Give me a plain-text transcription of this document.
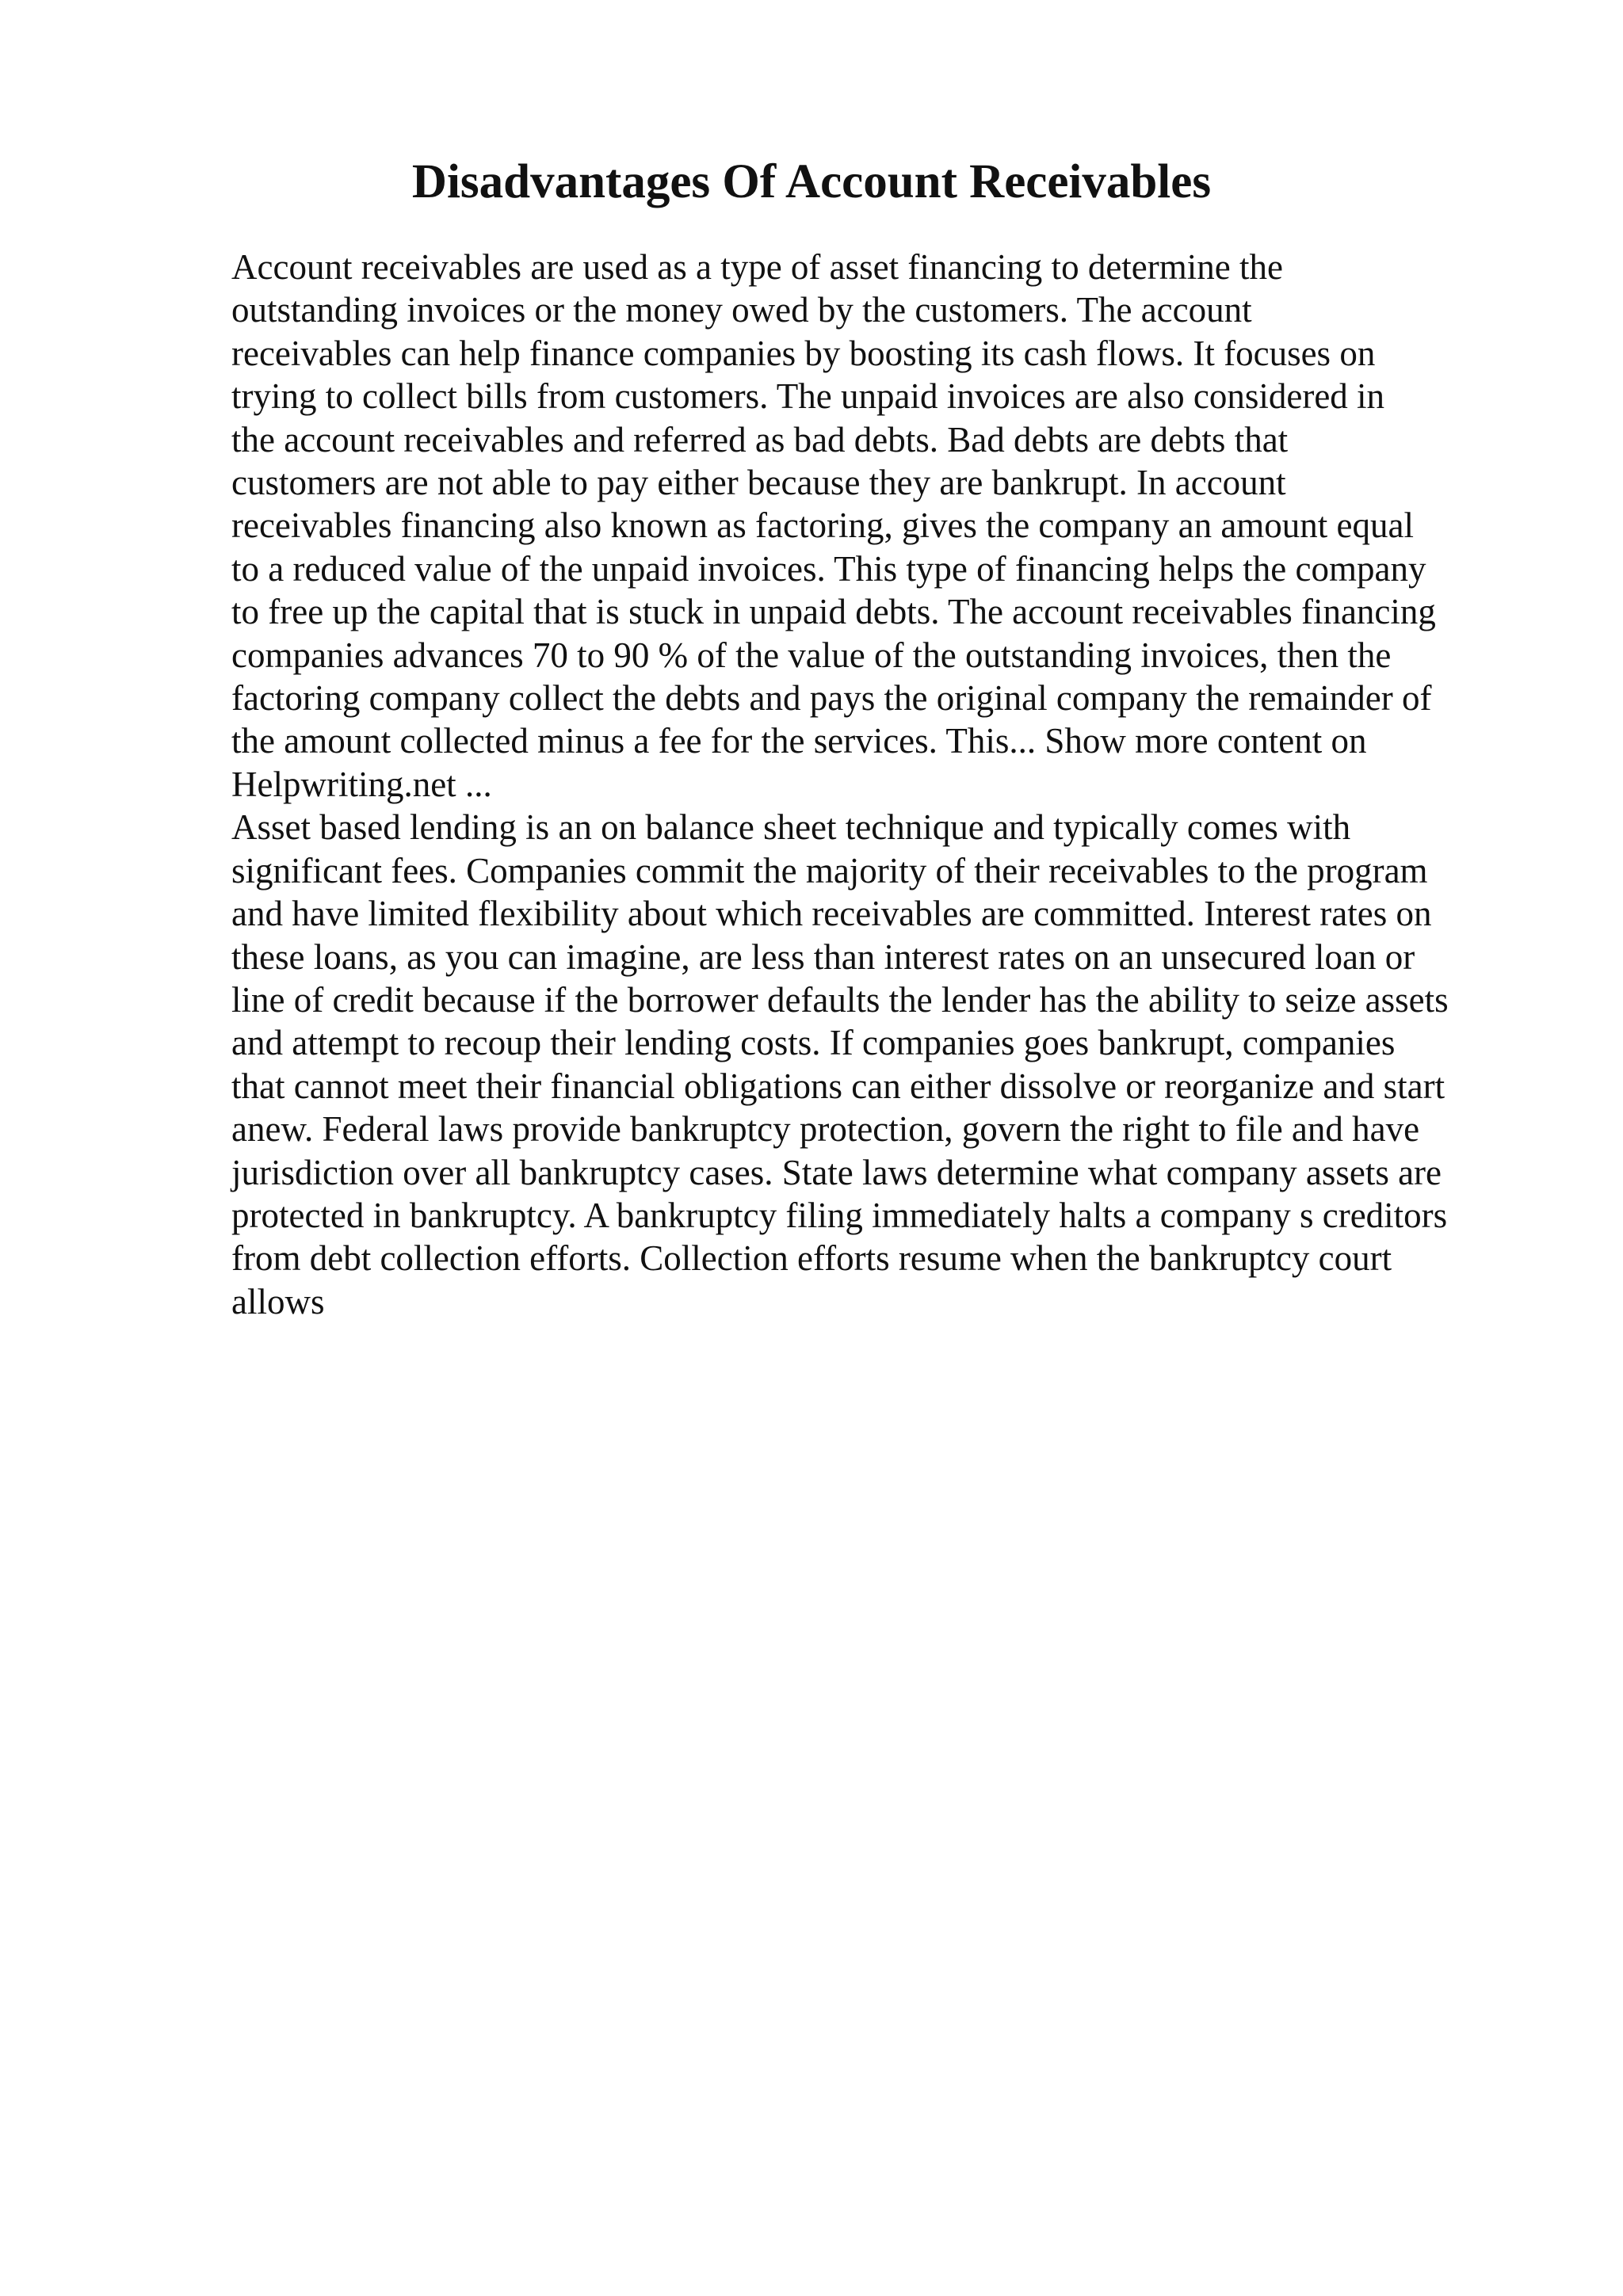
Disadvantages Of Account Receivables
Account receivables are used as a type of asset financing to determine the
outstanding invoices or the money owed by the customers. The account
receivables can help finance companies by boosting its cash flows. It focuses on
trying to collect bills from customers. The unpaid invoices are also considered in
the account receivables and referred as bad debts. Bad debts are debts that
customers are not able to pay either because they are bankrupt. In account
receivables financing also known as factoring, gives the company an amount equal
to a reduced value of the unpaid invoices. This type of financing helps the company
to free up the capital that is stuck in unpaid debts. The account receivables financing
companies advances 70 to 90 % of the value of the outstanding invoices, then the
factoring company collect the debts and pays the original company the remainder of
the amount collected minus a fee for the services. This... Show more content on
Helpwriting.net ...
Asset based lending is an on balance sheet technique and typically comes with
significant fees. Companies commit the majority of their receivables to the program
and have limited flexibility about which receivables are committed. Interest rates on
these loans, as you can imagine, are less than interest rates on an unsecured loan or
line of credit because if the borrower defaults the lender has the ability to seize assets
and attempt to recoup their lending costs. If companies goes bankrupt, companies
that cannot meet their financial obligations can either dissolve or reorganize and start
anew. Federal laws provide bankruptcy protection, govern the right to file and have
jurisdiction over all bankruptcy cases. State laws determine what company assets are
protected in bankruptcy. A bankruptcy filing immediately halts a company s creditors
from debt collection efforts. Collection efforts resume when the bankruptcy court
allows
